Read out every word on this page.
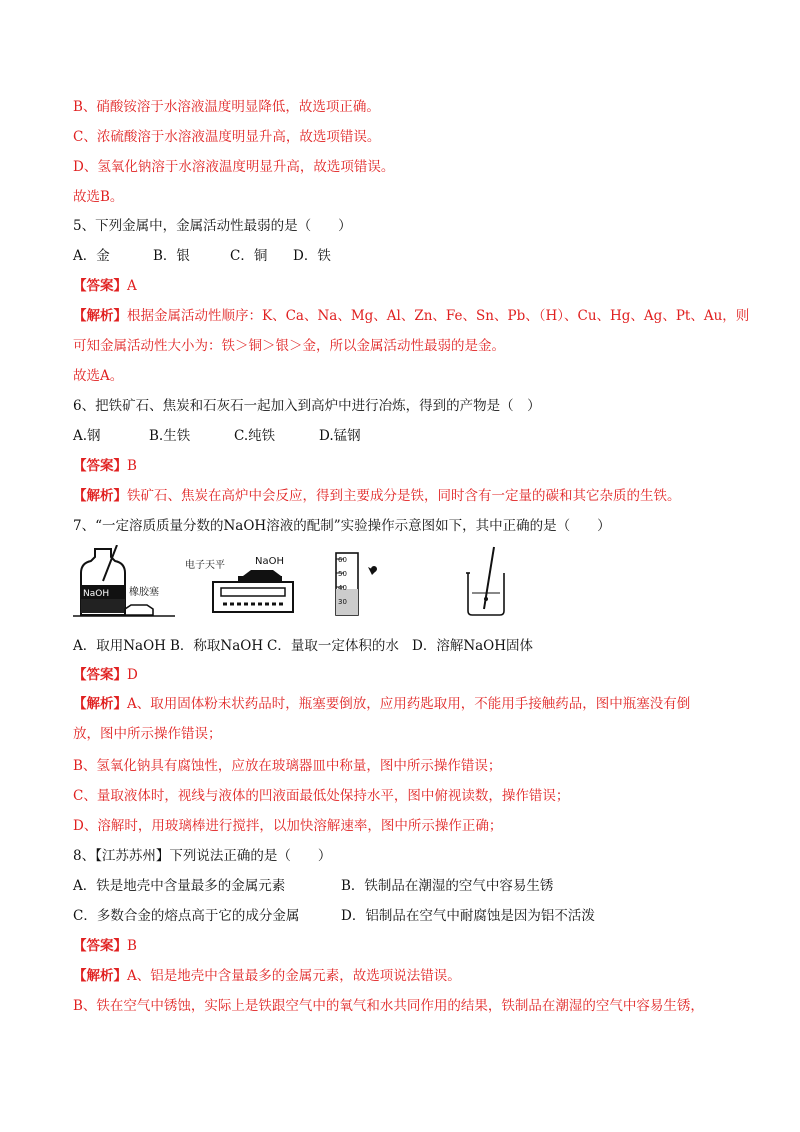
B、硝酸铵溶于水溶液温度明显降低，故选项正确。
C、浓硫酸溶于水溶液温度明显升高，故选项错误。
D、氢氧化钠溶于水溶液温度明显升高，故选项错误。
故选B。
5、下列金属中，金属活动性最弱的是（　　）
A．金	B．银	C．铜 D．铁
【答案】A
【解析】根据金属活动性顺序：K、Ca、Na、Mg、Al、Zn、Fe、Sn、Pb、（H）、Cu、Hg、Ag、Pt、Au，则
可知金属活动性大小为：铁＞铜＞银＞金，所以金属活动性最弱的是金。
故选A。
6、把铁矿石、焦炭和石灰石一起加入到高炉中进行冶炼，得到的产物是（　）
A.钢	B.生铁	C.纯铁	D.锰钢
【答案】B
【解析】铁矿石、焦炭在高炉中会反应，得到主要成分是铁，同时含有一定量的碳和其它杂质的生铁。
7、“一定溶质质量分数的NaOH溶液的配制”实验操作示意图如下，其中正确的是（　　）
NaOH 橡胶塞
电子天平	NaOH	60
50
40
30
A．取用NaOH B．称取NaOH C．量取一定体积的水 D．溶解NaOH固体
【答案】D
【解析】A、取用固体粉末状药品时，瓶塞要倒放，应用药匙取用，不能用手接触药品，图中瓶塞没有倒
放，图中所示操作错误；
B、氢氧化钠具有腐蚀性，应放在玻璃器皿中称量，图中所示操作错误；
C、量取液体时，视线与液体的凹液面最低处保持水平，图中俯视读数，操作错误；
D、溶解时，用玻璃棒进行搅拌，以加快溶解速率，图中所示操作正确；
8、【江苏苏州】下列说法正确的是（　　）
A．铁是地壳中含量最多的金属元素	B．铁制品在潮湿的空气中容易生锈
C．多数合金的熔点高于它的成分金属	D．铝制品在空气中耐腐蚀是因为铝不活泼
【答案】B
【解析】A、铝是地壳中含量最多的金属元素，故选项说法错误。
B、铁在空气中锈蚀，实际上是铁跟空气中的氧气和水共同作用的结果，铁制品在潮湿的空气中容易生锈，
